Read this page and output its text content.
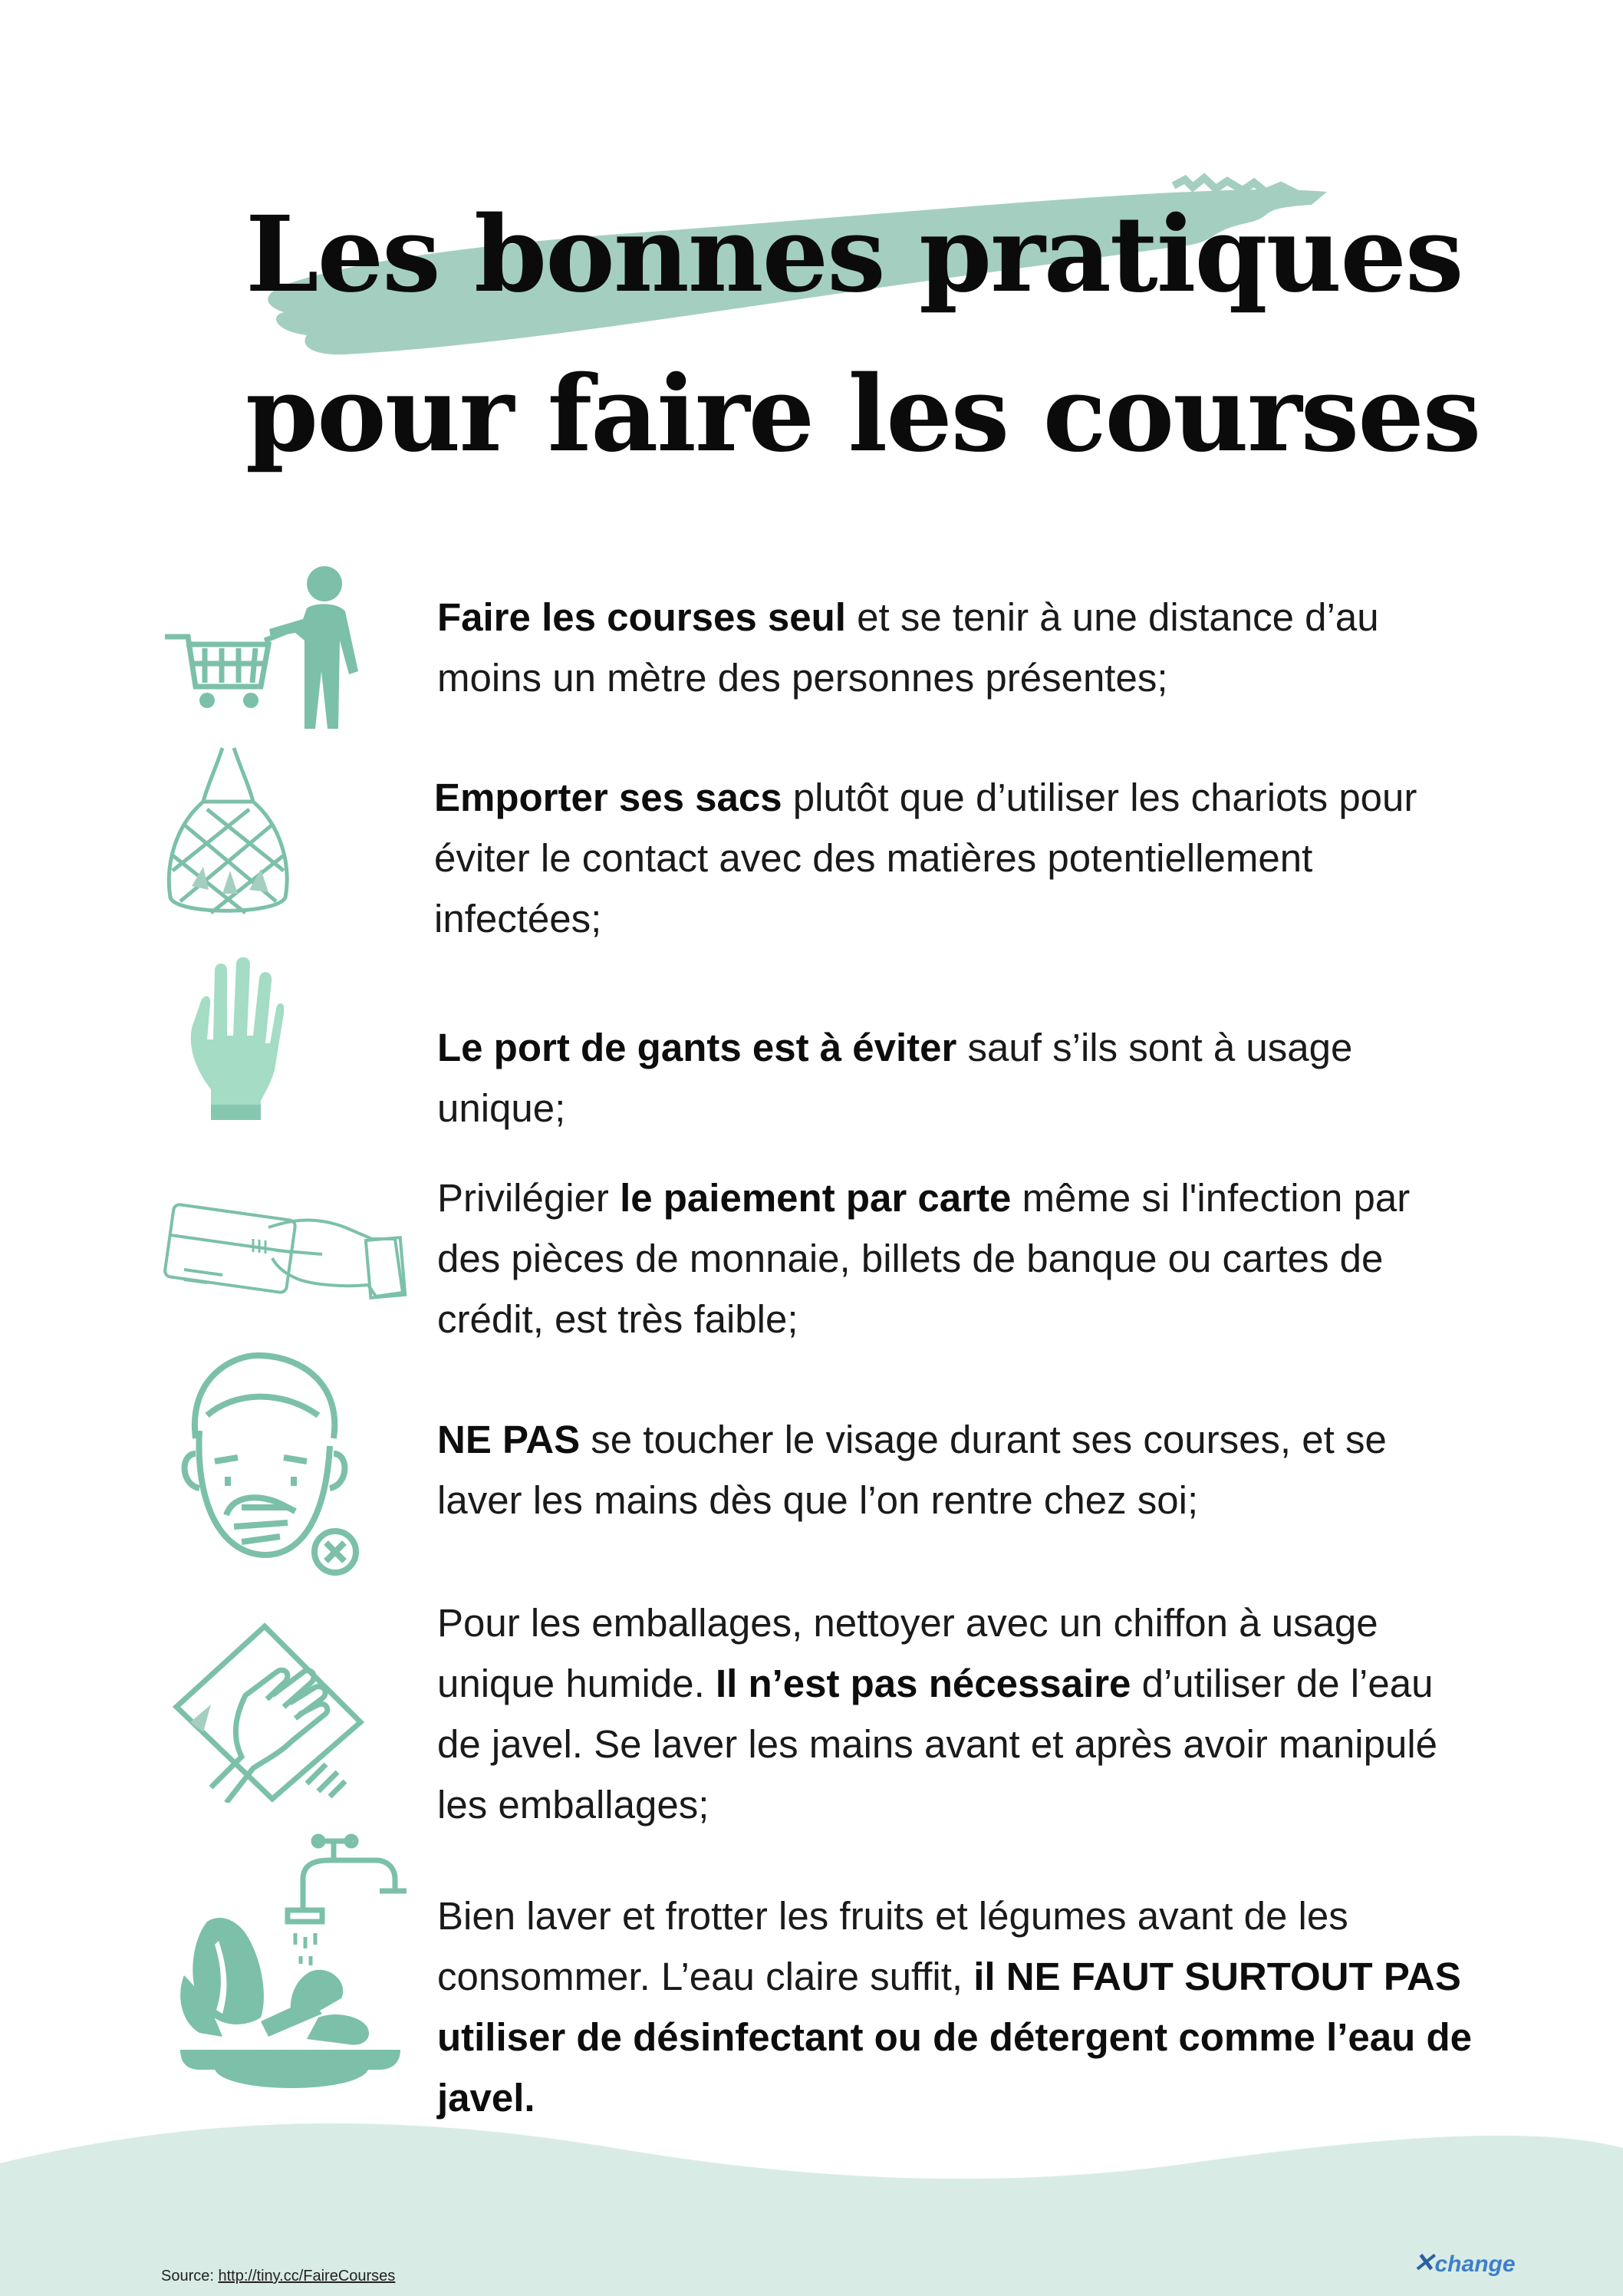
Les bonnes pratiques
pour faire les courses

Faire les courses seul et se tenir à une distance d’au moins un mètre des personnes présentes;

Emporter ses sacs plutôt que d’utiliser les chariots pour éviter le contact avec des matières potentiellement infectées;

Le port de gants est à éviter sauf s’ils sont à usage unique;

Privilégier le paiement par carte même si l'infection par des pièces de monnaie, billets de banque ou cartes de crédit, est très faible;

NE PAS se toucher le visage durant ses courses, et se laver les mains dès que l’on rentre chez soi;

Pour les emballages, nettoyer avec un chiffon à usage unique humide. Il n’est pas nécessaire d’utiliser de l’eau de javel. Se laver les mains avant et après avoir manipulé les emballages;

Bien laver et frotter les fruits et légumes avant de les consommer. L’eau claire suffit, il NE FAUT SURTOUT PAS utiliser de désinfectant ou de détergent comme l’eau de javel.

Source: http://tiny.cc/FaireCourses	✕change
